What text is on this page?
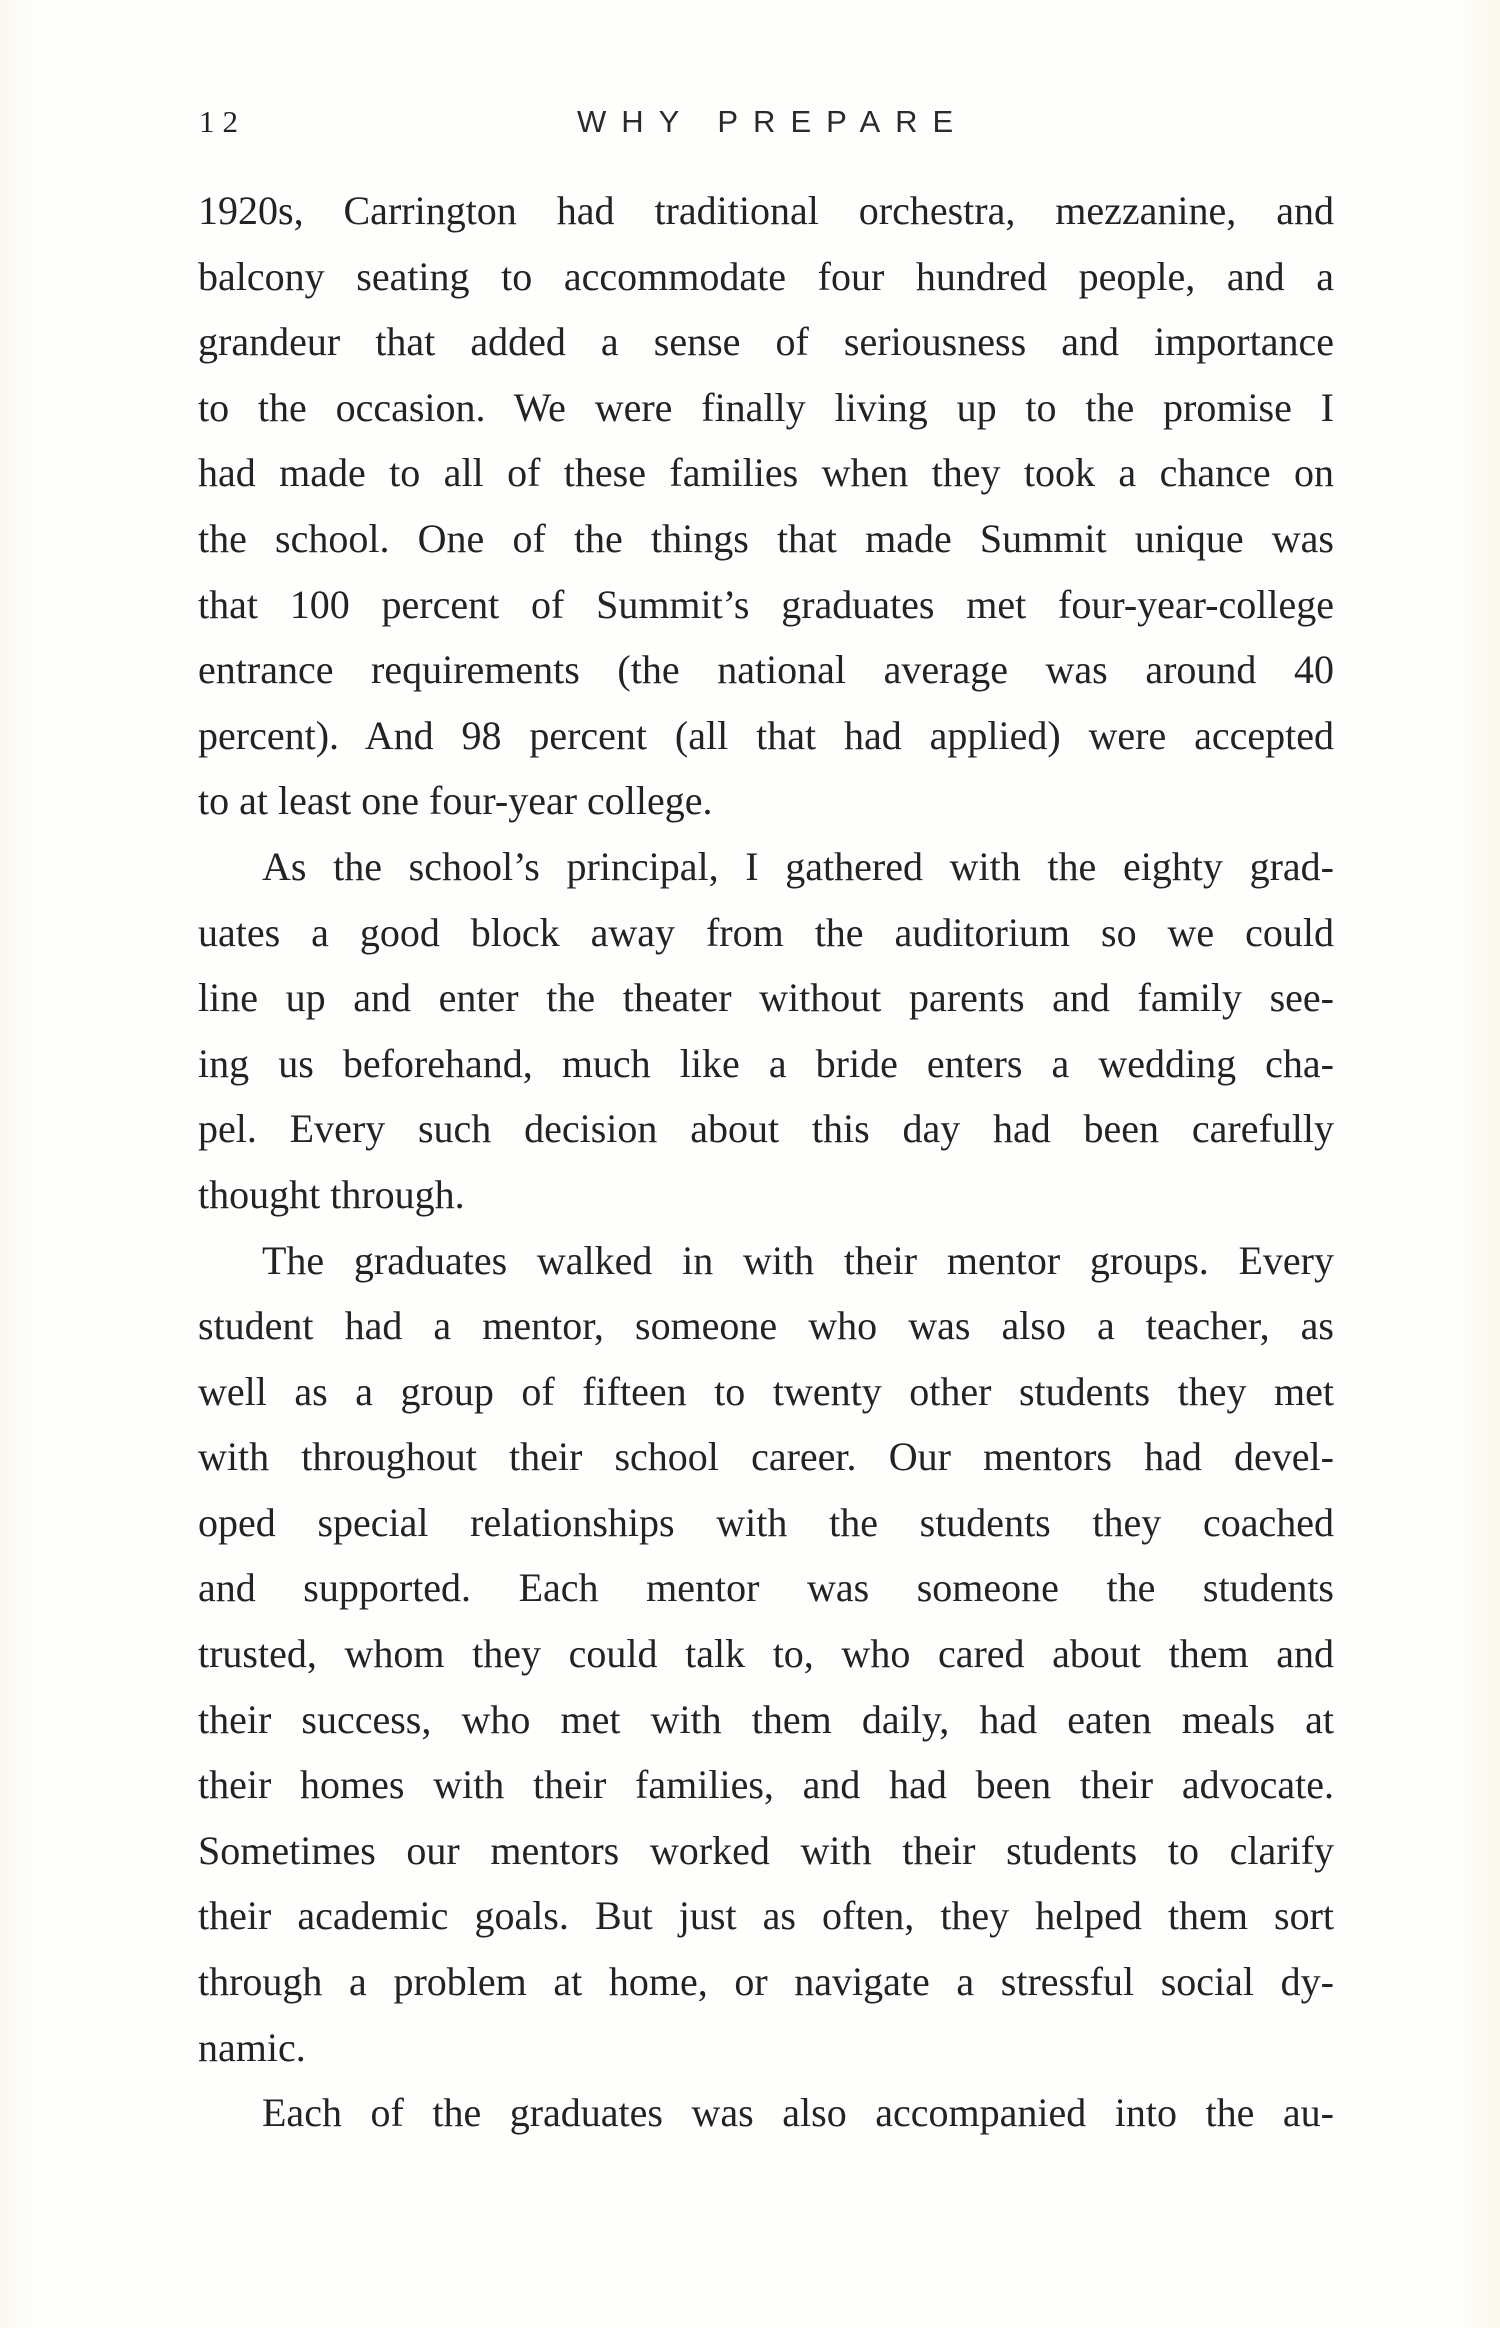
12	WHY PREPARE
1920s, Carrington had traditional orchestra, mezzanine, and
balcony seating to accommodate four hundred people, and a
grandeur that added a sense of seriousness and importance
to the occasion. We were finally living up to the promise I
had made to all of these families when they took a chance on
the school. One of the things that made Summit unique was
that 100 percent of Summit’s graduates met four-year-college
entrance requirements (the national average was around 40
percent). And 98 percent (all that had applied) were accepted
to at least one four-year college.
As the school’s principal, I gathered with the eighty grad-
uates a good block away from the auditorium so we could
line up and enter the theater without parents and family see-
ing us beforehand, much like a bride enters a wedding cha-
pel. Every such decision about this day had been carefully
thought through.
The graduates walked in with their mentor groups. Every
student had a mentor, someone who was also a teacher, as
well as a group of fifteen to twenty other students they met
with throughout their school career. Our mentors had devel-
oped special relationships with the students they coached
and supported. Each mentor was someone the students
trusted, whom they could talk to, who cared about them and
their success, who met with them daily, had eaten meals at
their homes with their families, and had been their advocate.
Sometimes our mentors worked with their students to clarify
their academic goals. But just as often, they helped them sort
through a problem at home, or navigate a stressful social dy-
namic.
Each of the graduates was also accompanied into the au-
